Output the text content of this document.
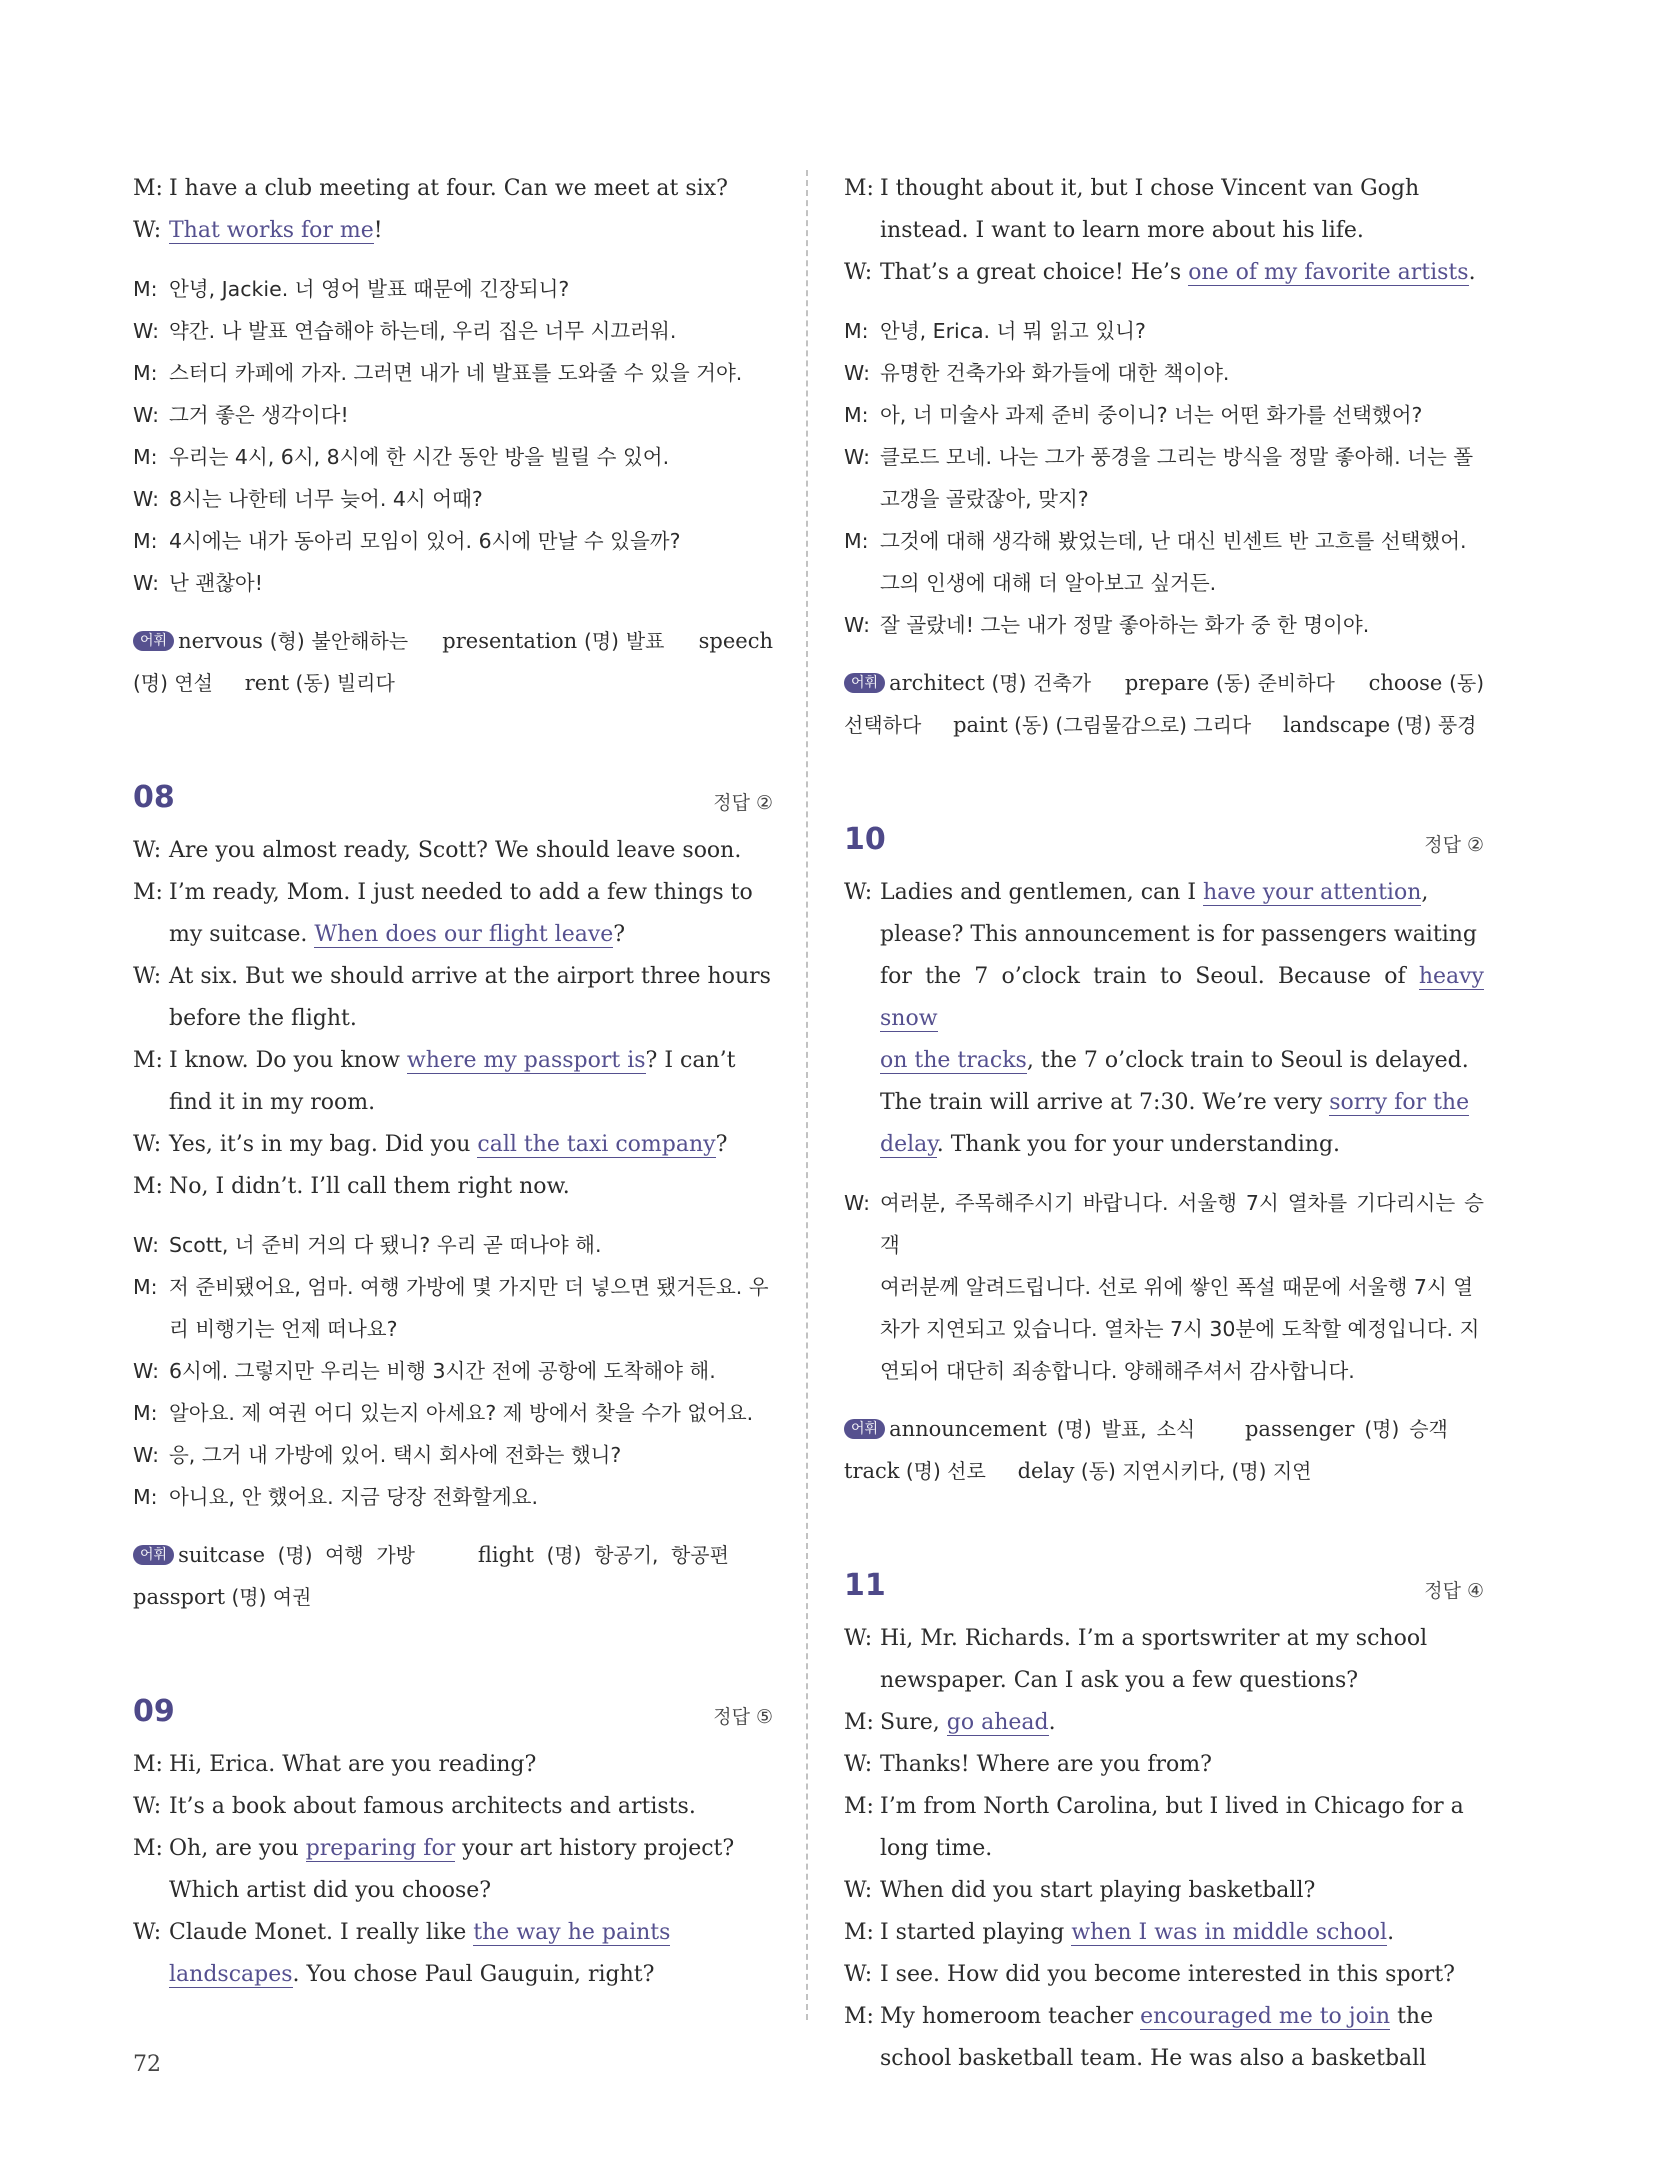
M: I have a club meeting at four. Can we meet at six?
W: That works for me!
M: 안녕, Jackie. 너 영어 발표 때문에 긴장되니?
W: 약간. 나 발표 연습해야 하는데, 우리 집은 너무 시끄러워.
M: 스터디 카페에 가자. 그러면 내가 네 발표를 도와줄 수 있을 거야.
W: 그거 좋은 생각이다!
M: 우리는 4시, 6시, 8시에 한 시간 동안 방을 빌릴 수 있어.
W: 8시는 나한테 너무 늦어. 4시 어때?
M: 4시에는 내가 동아리 모임이 있어. 6시에 만날 수 있을까?
W: 난 괜찮아!
어휘 nervous (형) 불안해하는 presentation (명) 발표 speech (명) 연설 rent (동) 빌리다
08	정답 ②
W: Are you almost ready, Scott? We should leave soon.
M: I’m ready, Mom. I just needed to add a few things to
my suitcase. When does our flight leave?
W: At six. But we should arrive at the airport three hours
before the flight.
M: I know. Do you know where my passport is? I can’t
find it in my room.
W: Yes, it’s in my bag. Did you call the taxi company?
M: No, I didn’t. I’ll call them right now.
W: Scott, 너 준비 거의 다 됐니? 우리 곧 떠나야 해.
M: 저 준비됐어요, 엄마. 여행 가방에 몇 가지만 더 넣으면 됐거든요. 우
리 비행기는 언제 떠나요?
W: 6시에. 그렇지만 우리는 비행 3시간 전에 공항에 도착해야 해.
M: 알아요. 제 여권 어디 있는지 아세요? 제 방에서 찾을 수가 없어요.
W: 응, 그거 내 가방에 있어. 택시 회사에 전화는 했니?
M: 아니요, 안 했어요. 지금 당장 전화할게요.
어휘 suitcase (명) 여행 가방	flight (명) 항공기, 항공편     passport (명) 여권
09	정답 ⑤
M: Hi, Erica. What are you reading?
W: It’s a book about famous architects and artists.
M: Oh, are you preparing for your art history project?
Which artist did you choose?
W: Claude Monet. I really like the way he paints
landscapes. You chose Paul Gauguin, right?
M: I thought about it, but I chose Vincent van Gogh
instead. I want to learn more about his life.
W: That’s a great choice! He’s one of my favorite artists.
M: 안녕, Erica. 너 뭐 읽고 있니?
W: 유명한 건축가와 화가들에 대한 책이야.
M: 아, 너 미술사 과제 준비 중이니? 너는 어떤 화가를 선택했어?
W: 클로드 모네. 나는 그가 풍경을 그리는 방식을 정말 좋아해. 너는 폴
고갱을 골랐잖아, 맞지?
M: 그것에 대해 생각해 봤었는데, 난 대신 빈센트 반 고흐를 선택했어.
그의 인생에 대해 더 알아보고 싶거든.
W: 잘 골랐네! 그는 내가 정말 좋아하는 화가 중 한 명이야.
어휘 architect (명) 건축가 prepare (동) 준비하다 choose (동) 선택하다 paint (동) (그림물감으로) 그리다 landscape (명) 풍경
10	정답 ②
W: Ladies and gentlemen, can I have your attention,
please? This announcement is for passengers waiting
for the 7 o’clock train to Seoul. Because of heavy snow
on the tracks, the 7 o’clock train to Seoul is delayed.
The train will arrive at 7:30. We’re very sorry for the
delay. Thank you for your understanding.
W: 여러분, 주목해주시기 바랍니다. 서울행 7시 열차를 기다리시는 승객
여러분께 알려드립니다. 선로 위에 쌓인 폭설 때문에 서울행 7시 열
차가 지연되고 있습니다. 열차는 7시 30분에 도착할 예정입니다. 지
연되어 대단히 죄송합니다. 양해해주셔서 감사합니다.
어휘 announcement (명) 발표, 소식 passenger (명) 승객     track (명) 선로 delay (동) 지연시키다, (명) 지연
11	정답 ④
W: Hi, Mr. Richards. I’m a sportswriter at my school
newspaper. Can I ask you a few questions?
M: Sure, go ahead.
W: Thanks! Where are you from?
M: I’m from North Carolina, but I lived in Chicago for a
long time.
W: When did you start playing basketball?
M: I started playing when I was in middle school.
W: I see. How did you become interested in this sport?
M: My homeroom teacher encouraged me to join the
school basketball team. He was also a basketball
72
